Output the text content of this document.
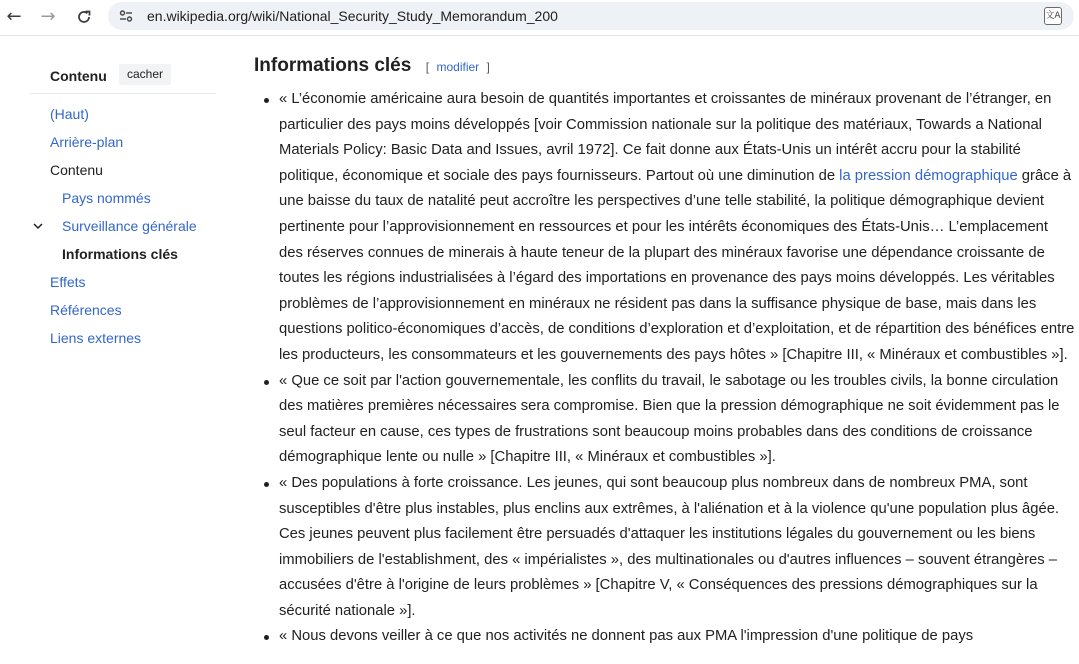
← →	en.wikipedia.org/wiki/National_Security_Study_Memorandum_200	文A
Contenu	cacher
(Haut)
Arrière-plan
Contenu
Pays nommés
Surveillance générale
Informations clés
Effets
Références
Liens externes
Informations clés [ modifier ]
« L’économie américaine aura besoin de quantités importantes et croissantes de minéraux provenant de l’étranger, en particulier des pays moins développés [voir Commission nationale sur la politique des matériaux, Towards a National Materials Policy: Basic Data and Issues, avril 1972]. Ce fait donne aux États-Unis un intérêt accru pour la stabilité politique, économique et sociale des pays fournisseurs. Partout où une diminution de la pression démographique grâce à une baisse du taux de natalité peut accroître les perspectives d’une telle stabilité, la politique démographique devient pertinente pour l’approvisionnement en ressources et pour les intérêts économiques des États-Unis… L’emplacement des réserves connues de minerais à haute teneur de la plupart des minéraux favorise une dépendance croissante de toutes les régions industrialisées à l’égard des importations en provenance des pays moins développés. Les véritables problèmes de l’approvisionnement en minéraux ne résident pas dans la suffisance physique de base, mais dans les questions politico-économiques d’accès, de conditions d’exploration et d’exploitation, et de répartition des bénéfices entre les producteurs, les consommateurs et les gouvernements des pays hôtes » [Chapitre III, « Minéraux et combustibles »].
« Que ce soit par l'action gouvernementale, les conflits du travail, le sabotage ou les troubles civils, la bonne circulation des matières premières nécessaires sera compromise. Bien que la pression démographique ne soit évidemment pas le seul facteur en cause, ces types de frustrations sont beaucoup moins probables dans des conditions de croissance démographique lente ou nulle » [Chapitre III, « Minéraux et combustibles »].
« Des populations à forte croissance. Les jeunes, qui sont beaucoup plus nombreux dans de nombreux PMA, sont susceptibles d'être plus instables, plus enclins aux extrêmes, à l'aliénation et à la violence qu'une population plus âgée. Ces jeunes peuvent plus facilement être persuadés d'attaquer les institutions légales du gouvernement ou les biens immobiliers de l'establishment, des « impérialistes », des multinationales ou d'autres influences – souvent étrangères – accusées d'être à l'origine de leurs problèmes » [Chapitre V, « Conséquences des pressions démographiques sur la sécurité nationale »].
« Nous devons veiller à ce que nos activités ne donnent pas aux PMA l'impression d'une politique de pays
